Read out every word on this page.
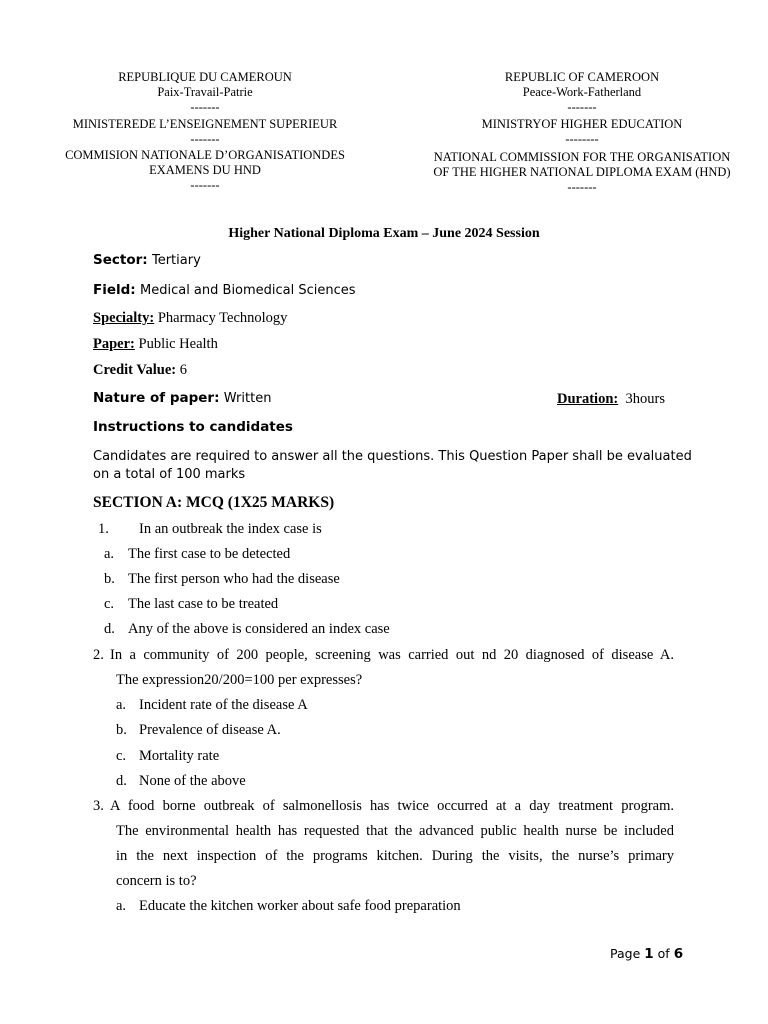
REPUBLIQUE DU CAMEROUN
Paix-Travail-Patrie
-------
MINISTEREDE L’ENSEIGNEMENT SUPERIEUR
-------
COMMISION NATIONALE D’ORGANISATIONDES
EXAMENS DU HND
-------
REPUBLIC OF CAMEROON
Peace-Work-Fatherland
-------
MINISTRYOF HIGHER EDUCATION
--------
NATIONAL COMMISSION FOR THE ORGANISATION
OF THE HIGHER NATIONAL DIPLOMA EXAM (HND)
-------
Higher National Diploma Exam – June 2024 Session
Sector: Tertiary
Field: Medical and Biomedical Sciences
Specialty: Pharmacy Technology
Paper: Public Health
Credit Value: 6
Nature of paper: Written	Duration: 3hours
Instructions to candidates
Candidates are required to answer all the questions. This Question Paper shall be evaluated
on a total of 100 marks
SECTION A: MCQ (1X25 MARKS)
1. In an outbreak the index case is
a. The first case to be detected
b. The first person who had the disease
c. The last case to be treated
d. Any of the above is considered an index case
2. In a community of 200 people, screening was carried out nd 20 diagnosed of disease A.
The expression20/200=100 per expresses?
a. Incident rate of the disease A
b. Prevalence of disease A.
c. Mortality rate
d. None of the above
3. A food borne outbreak of salmonellosis has twice occurred at a day treatment program.
The environmental health has requested that the advanced public health nurse be included
in the next inspection of the programs kitchen. During the visits, the nurse’s primary
concern is to?
a. Educate the kitchen worker about safe food preparation
Page 1 of 6
